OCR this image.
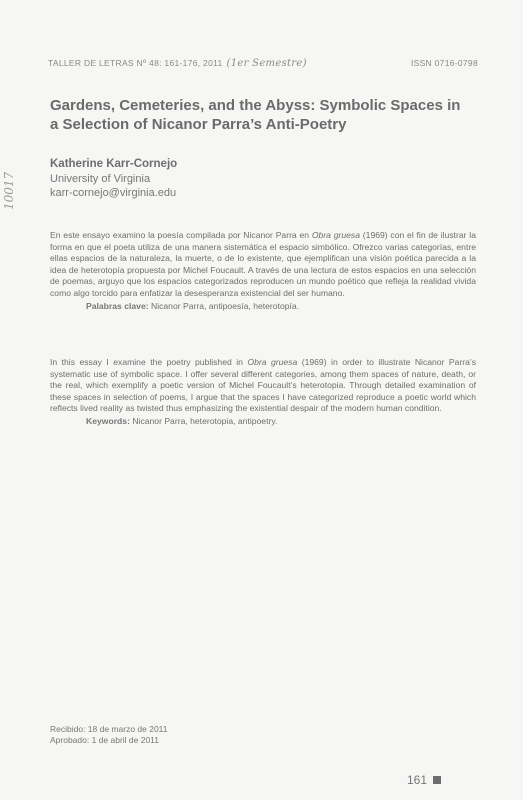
TALLER DE LETRAS Nº 48: 161-176, 2011 (1er Semestre)	ISSN 0716-0798
10017
Gardens, Cemeteries, and the Abyss: Symbolic Spaces in a Selection of Nicanor Parra’s Anti-Poetry
Katherine Karr-Cornejo
University of Virginia
karr-cornejo@virginia.edu
En este ensayo examino la poesía compilada por Nicanor Parra en Obra gruesa (1969) con el fin de ilustrar la forma en que el poeta utiliza de una manera sistemática el espacio simbólico. Ofrezco varias categorías, entre ellas espacios de la naturaleza, la muerte, o de lo existente, que ejemplifican una visión poética parecida a la idea de heterotopía propuesta por Michel Foucault. A través de una lectura de estos espacios en una selección de poemas, arguyo que los espacios categorizados reproducen un mundo poético que refleja la realidad vivida como algo torcido para enfatizar la desesperanza existencial del ser humano.
Palabras clave: Nicanor Parra, antipoesía, heterotopía.
In this essay I examine the poetry published in Obra gruesa (1969) in order to illustrate Nicanor Parra’s systematic use of symbolic space. I offer several different categories, among them spaces of nature, death, or the real, which exemplify a poetic version of Michel Foucault’s heterotopia. Through detailed examination of these spaces in selection of poems, I argue that the spaces I have categorized reproduce a poetic world which reflects lived reality as twisted thus emphasizing the existential despair of the modern human condition.
Keywords: Nicanor Parra, heterotopia, antipoetry.
Recibido: 18 de marzo de 2011
Aprobado: 1 de abril de 2011
161
